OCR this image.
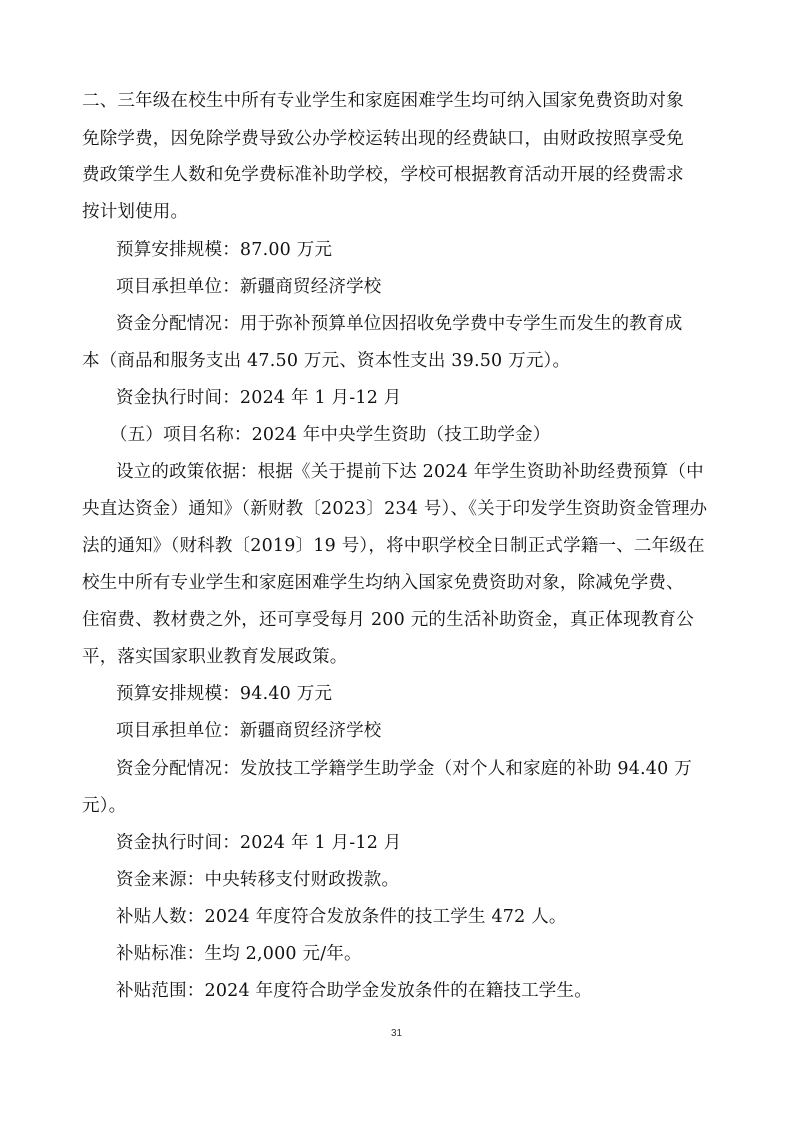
二、三年级在校生中所有专业学生和家庭困难学生均可纳入国家免费资助对象
免除学费，因免除学费导致公办学校运转出现的经费缺口，由财政按照享受免
费政策学生人数和免学费标准补助学校，学校可根据教育活动开展的经费需求
按计划使用。
预算安排规模：87.00 万元
项目承担单位：新疆商贸经济学校
资金分配情况：用于弥补预算单位因招收免学费中专学生而发生的教育成
本（商品和服务支出 47.50 万元、资本性支出 39.50 万元）。
资金执行时间：2024 年 1 月-12 月
（五）项目名称：2024 年中央学生资助（技工助学金）
设立的政策依据：根据《关于提前下达 2024 年学生资助补助经费预算（中
央直达资金）通知》（新财教〔2023〕234 号）、《关于印发学生资助资金管理办
法的通知》（财科教〔2019〕19 号），将中职学校全日制正式学籍一、二年级在
校生中所有专业学生和家庭困难学生均纳入国家免费资助对象，除减免学费、
住宿费、教材费之外，还可享受每月 200 元的生活补助资金，真正体现教育公
平，落实国家职业教育发展政策。
预算安排规模：94.40 万元
项目承担单位：新疆商贸经济学校
资金分配情况：发放技工学籍学生助学金（对个人和家庭的补助 94.40 万
元）。
资金执行时间：2024 年 1 月-12 月
资金来源：中央转移支付财政拨款。
补贴人数：2024 年度符合发放条件的技工学生 472 人。
补贴标准：生均 2,000 元/年。
补贴范围：2024 年度符合助学金发放条件的在籍技工学生。
31
